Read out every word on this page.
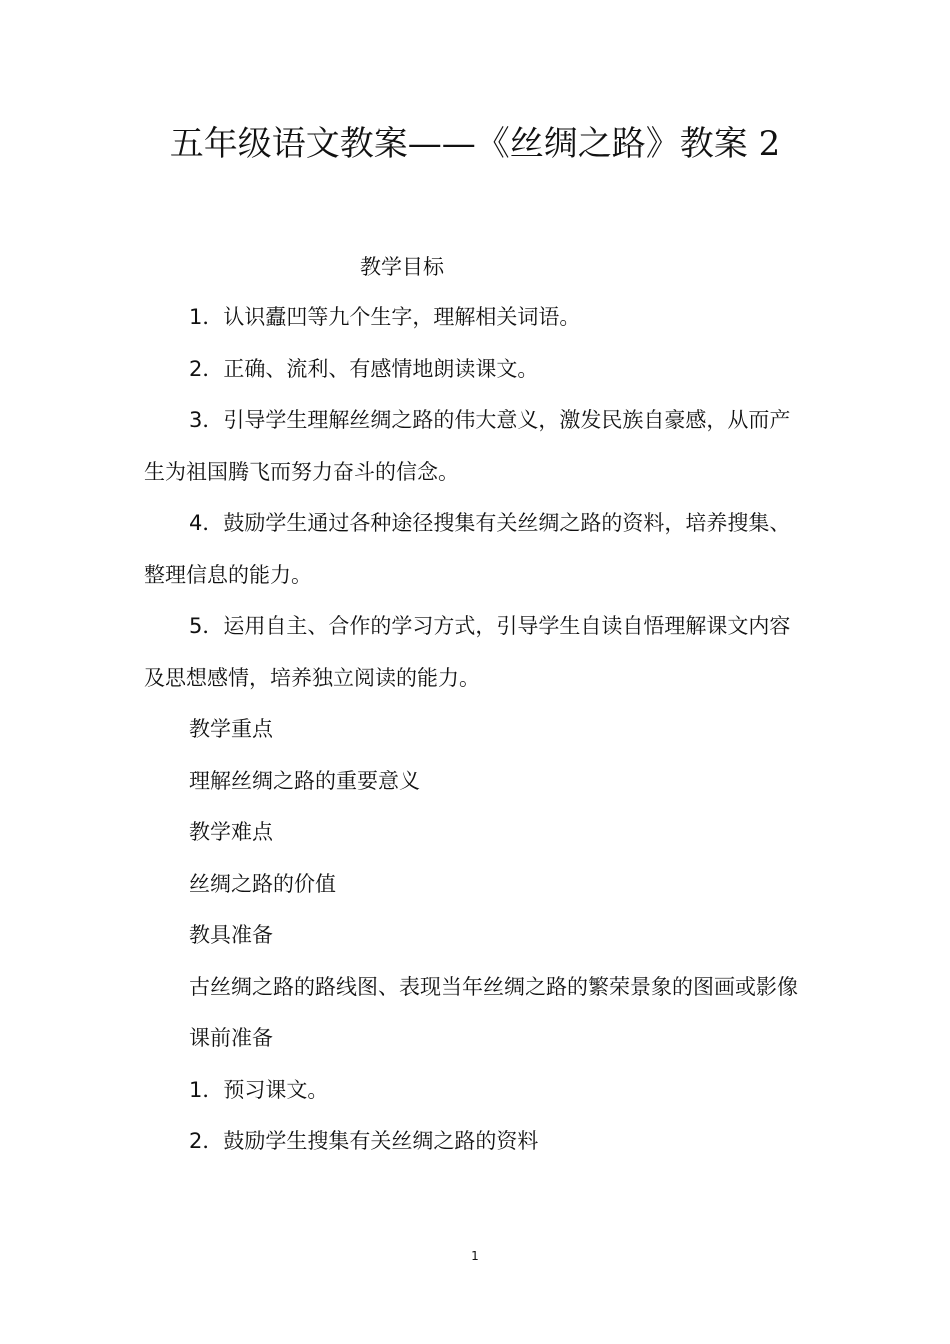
五年级语文教案——《丝绸之路》教案 2
教学目标

1．认识蠹凹等九个生字，理解相关词语。

2．正确、流利、有感情地朗读课文。

3．引导学生理解丝绸之路的伟大意义，激发民族自豪感，从而产生为祖国腾飞而努力奋斗的信念。

4．鼓励学生通过各种途径搜集有关丝绸之路的资料，培养搜集、整理信息的能力。

5．运用自主、合作的学习方式，引导学生自读自悟理解课文内容及思想感情，培养独立阅读的能力。

教学重点

理解丝绸之路的重要意义

教学难点

丝绸之路的价值

教具准备

古丝绸之路的路线图、表现当年丝绸之路的繁荣景象的图画或影像

课前准备

1．预习课文。

2．鼓励学生搜集有关丝绸之路的资料

1
